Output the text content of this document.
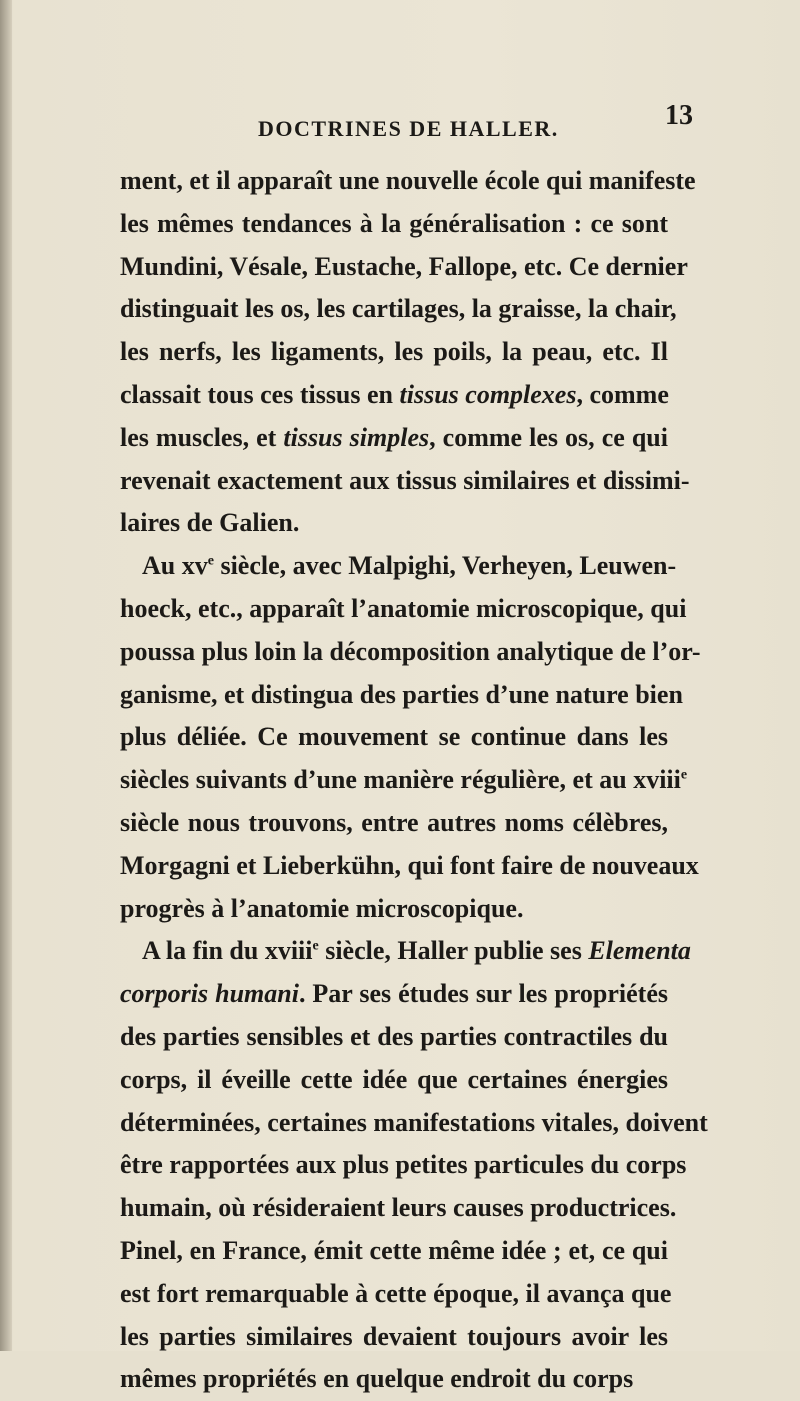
DOCTRINES DE HALLER.	13
ment, et il apparaît une nouvelle école qui manifeste
les mêmes tendances à la généralisation : ce sont
Mundini, Vésale, Eustache, Fallope, etc. Ce dernier
distinguait les os, les cartilages, la graisse, la chair,
les nerfs, les ligaments, les poils, la peau, etc. Il
classait tous ces tissus en tissus complexes, comme
les muscles, et tissus simples, comme les os, ce qui
revenait exactement aux tissus similaires et dissimi-
laires de Galien.
Au $xv^e$ siècle, avec Malpighi, Verheyen, Leuwen-
hoeck, etc., apparaît l’anatomie microscopique, qui
poussa plus loin la décomposition analytique de l’or-
ganisme, et distingua des parties d’une nature bien
plus déliée. Ce mouvement se continue dans les
siècles suivants d’une manière régulière, et au xviii$^e$
siècle nous trouvons, entre autres noms célèbres,
Morgagni et Lieberkühn, qui font faire de nouveaux
progrès à l’anatomie microscopique.
A la fin du xviii$^e$ siècle, Haller publie ses Elementa
corporis humani. Par ses études sur les propriétés
des parties sensibles et des parties contractiles du
corps, il éveille cette idée que certaines énergies
déterminées, certaines manifestations vitales, doivent
être rapportées aux plus petites particules du corps
humain, où résideraient leurs causes productrices.
Pinel, en France, émit cette même idée ; et, ce qui
est fort remarquable à cette époque, il avança que
les parties similaires devaient toujours avoir les
mêmes propriétés en quelque endroit du corps
